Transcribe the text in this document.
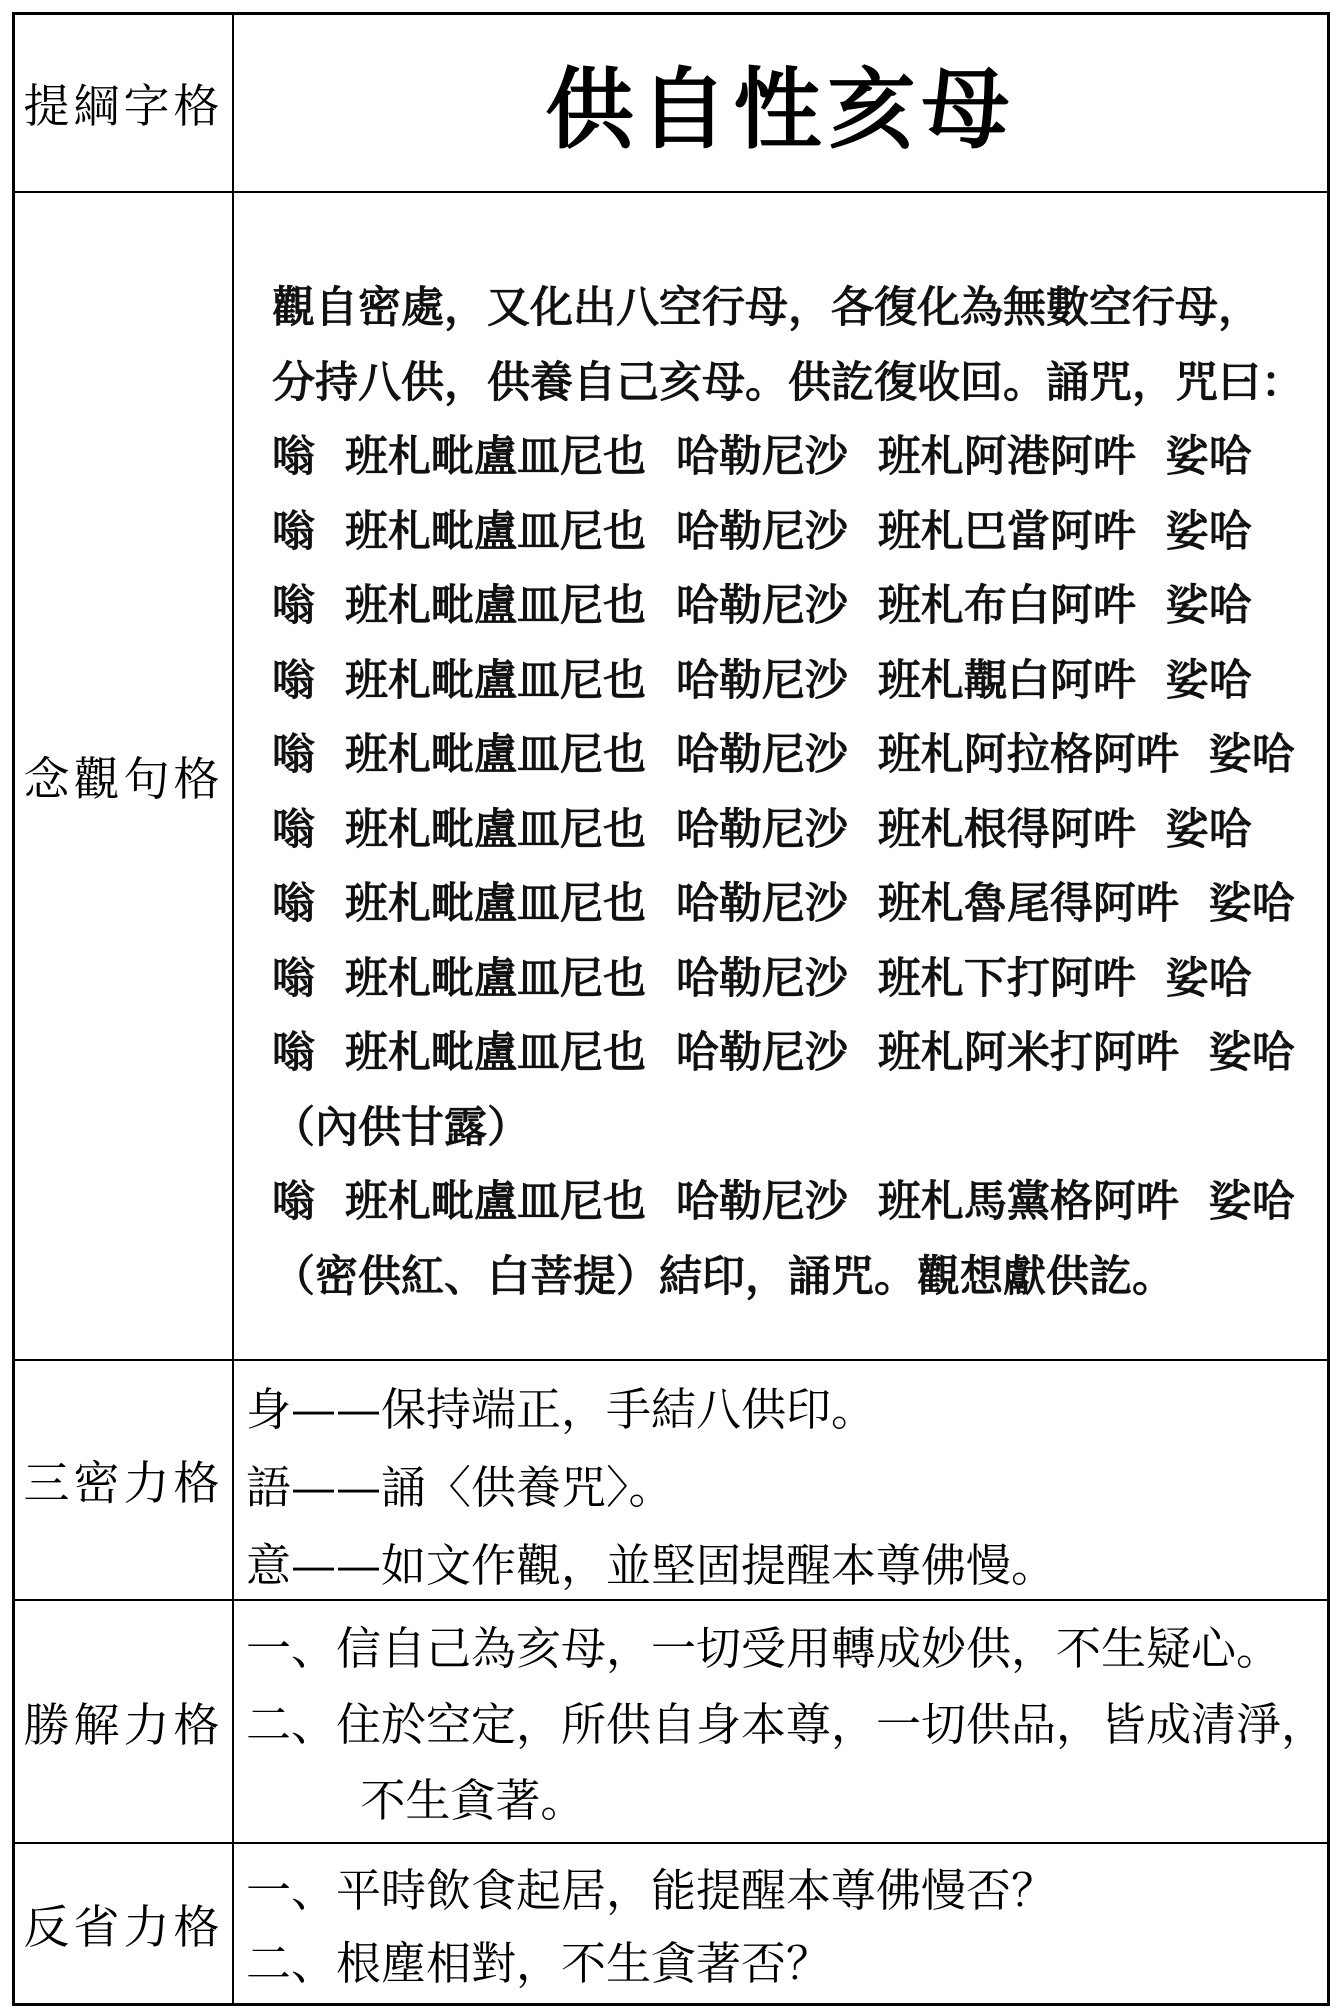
提綱字格	供自性亥母
念觀句格
觀自密處，又化出八空行母，各復化為無數空行母，
分持八供，供養自己亥母。供訖復收回。誦咒，咒曰：
嗡  班札毗盧皿尼也  哈勒尼沙  班札阿港阿吽  娑哈
嗡  班札毗盧皿尼也  哈勒尼沙  班札巴當阿吽  娑哈
嗡  班札毗盧皿尼也  哈勒尼沙  班札布白阿吽  娑哈
嗡  班札毗盧皿尼也  哈勒尼沙  班札覯白阿吽  娑哈
嗡  班札毗盧皿尼也  哈勒尼沙  班札阿拉格阿吽  娑哈
嗡  班札毗盧皿尼也  哈勒尼沙  班札根得阿吽  娑哈
嗡  班札毗盧皿尼也  哈勒尼沙  班札魯尾得阿吽  娑哈
嗡  班札毗盧皿尼也  哈勒尼沙  班札下打阿吽  娑哈
嗡  班札毗盧皿尼也  哈勒尼沙  班札阿米打阿吽  娑哈
（內供甘露）
嗡  班札毗盧皿尼也  哈勒尼沙  班札馬黨格阿吽  娑哈
（密供紅、白菩提）結印，誦咒。觀想獻供訖。
三密力格
身——保持端正，手結八供印。
語——誦〈供養咒〉。
意——如文作觀，並堅固提醒本尊佛慢。
勝解力格
一、信自己為亥母，一切受用轉成妙供，不生疑心。
二、住於空定，所供自身本尊，一切供品，皆成清淨，
不生貪著。
反省力格
一、平時飲食起居，能提醒本尊佛慢否？
二、根塵相對，不生貪著否？
